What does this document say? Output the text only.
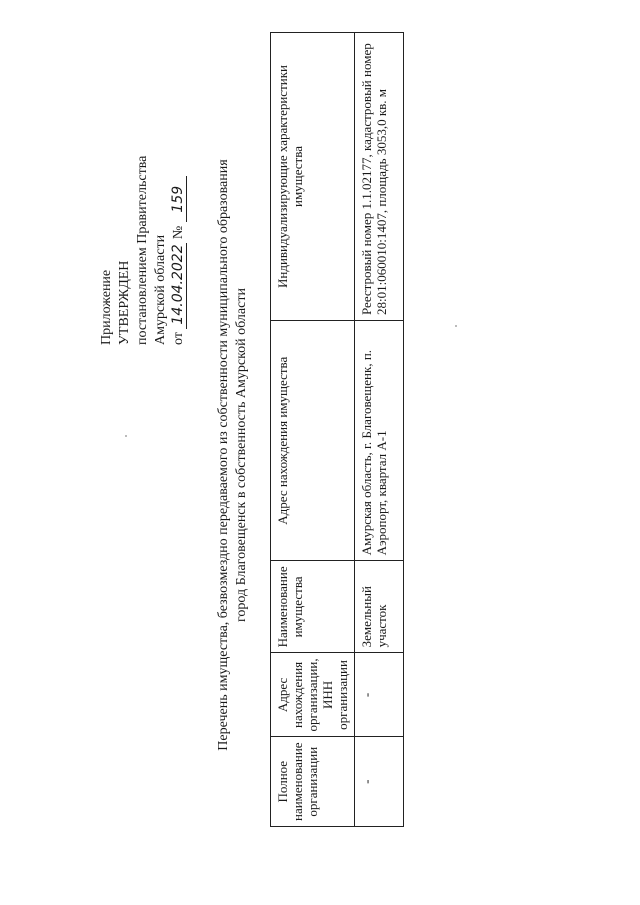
Приложение УТВЕРЖДЕН постановлением Правительства Амурской области от 14.04.2022 № 159 Перечень имущества, безвозмездно передаваемого из собственности муниципального образования город Благовещенск в собственность Амурской области
Полное наименование организации	Адрес нахождения организации, ИНН организации	Наименование имущества	Адрес нахождения имущества	Индивидуализирующие характеристики имущества
-	-	Земельный участок	Амурская область, г. Благовещенк, п. Аэропорт, квартал А-1	Реестровый номер 1.1.02177, кадастровый номер 28:01:060010:1407, площадь 3053,0 кв. м
